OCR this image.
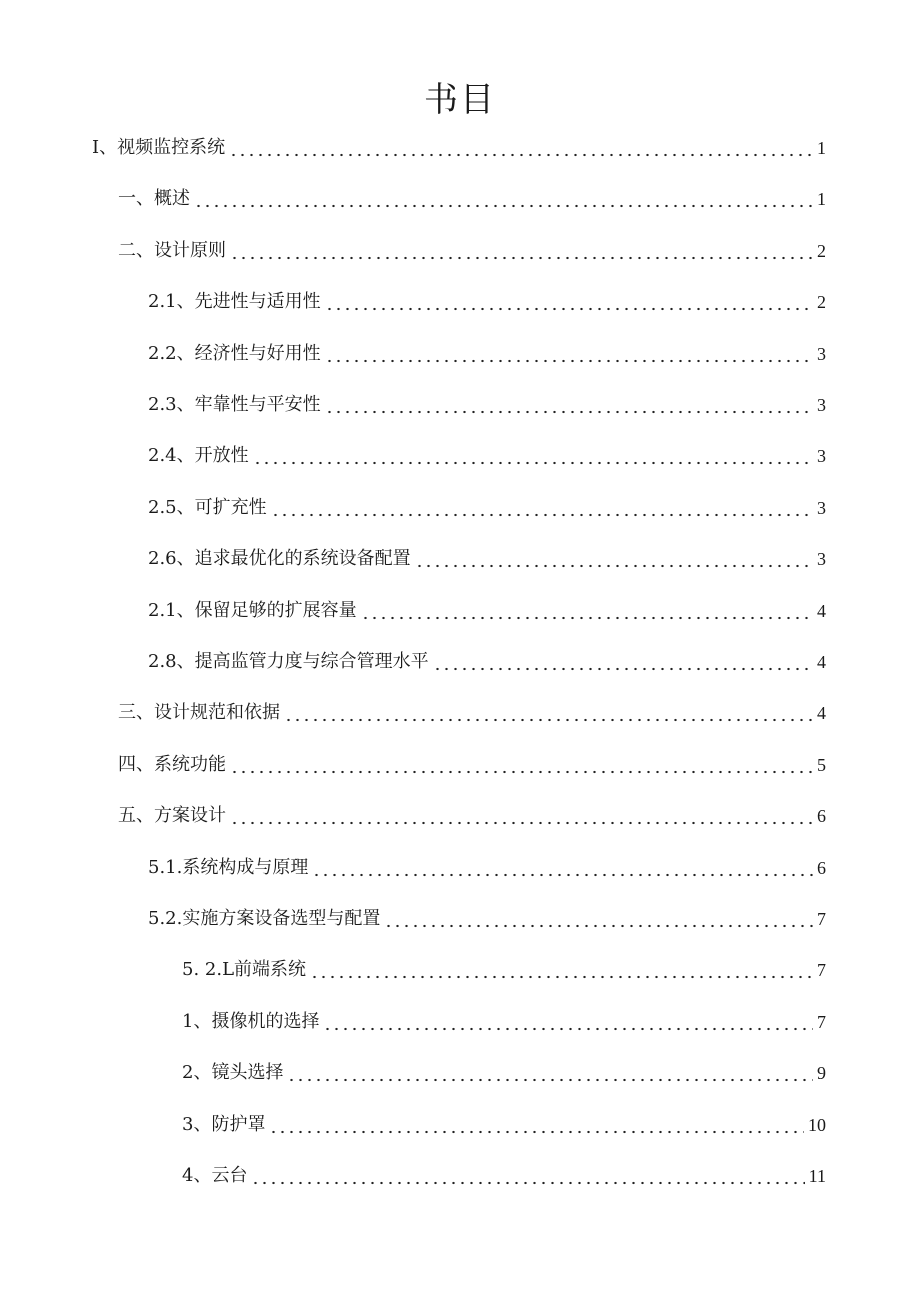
书目
I、视频监控系统	1
一、概述	1
二、设计原则	2
2.1、先进性与适用性	2
2.2、经济性与好用性	3
2.3、牢靠性与平安性	3
2.4、开放性	3
2.5、可扩充性	3
2.6、追求最优化的系统设备配置	3
2.1、保留足够的扩展容量	4
2.8、提高监管力度与综合管理水平	4
三、设计规范和依据	4
四、系统功能	5
五、方案设计	6
5.1.系统构成与原理	6
5.2.实施方案设备选型与配置	7
5. 2.L前端系统	7
1、摄像机的选择	7
2、镜头选择	9
3、防护罩	10
4、云台	11
